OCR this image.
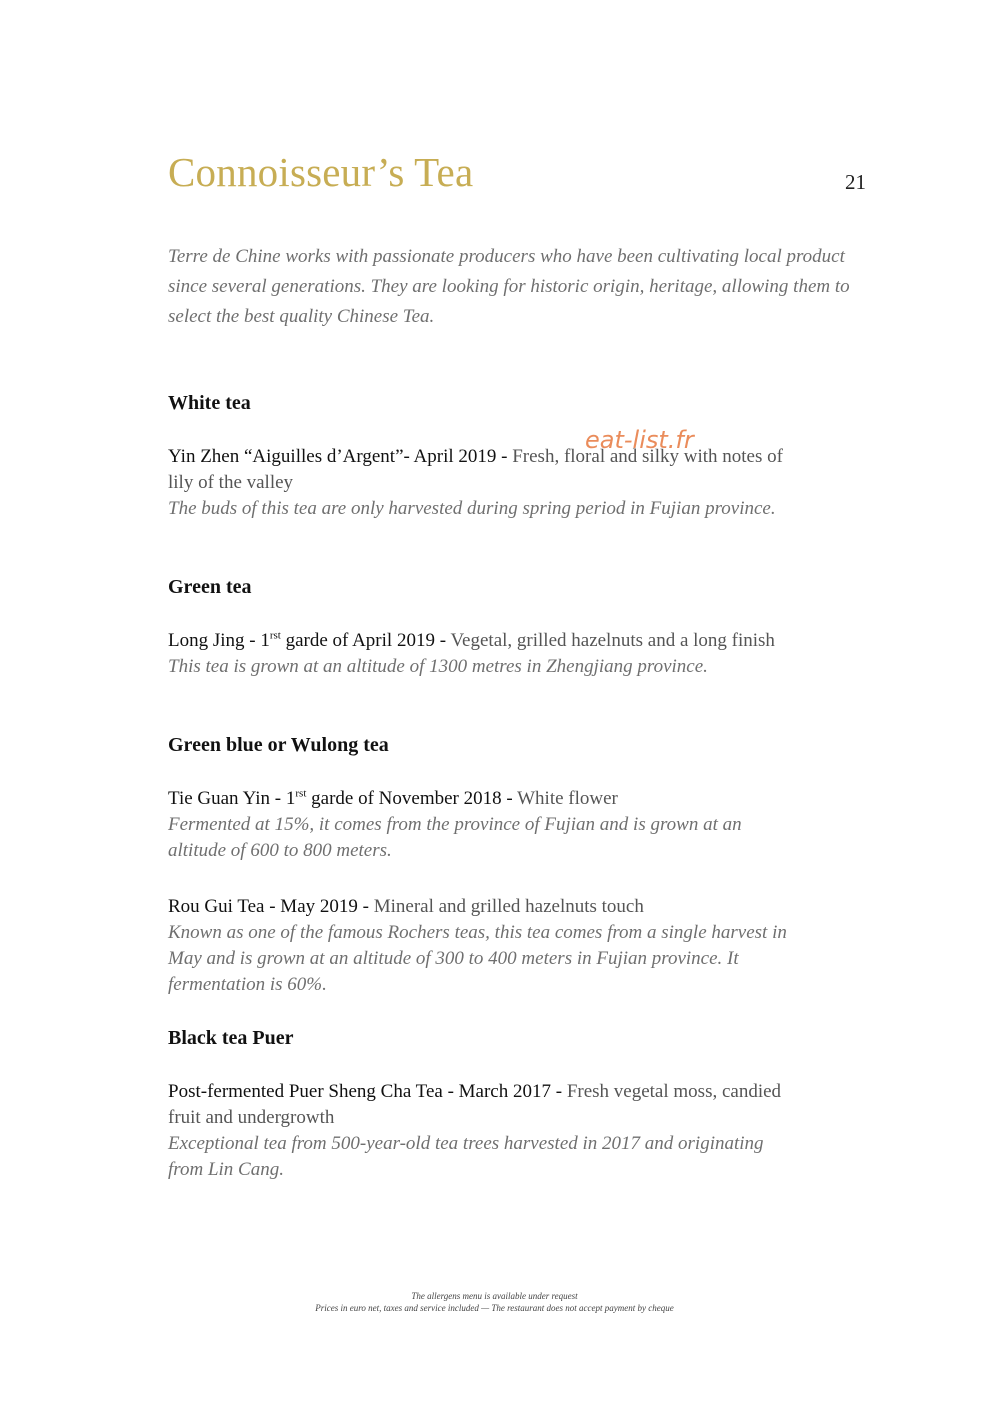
Connoisseur’s Tea	21

Terre de Chine works with passionate producers who have been cultivating local product since several generations. They are looking for historic origin, heritage, allowing them to select the best quality Chinese Tea.

White tea
Yin Zhen “Aiguilles d’Argent”- April 2019 - Fresh, floral and silky with notes of lily of the valley
The buds of this tea are only harvested during spring period in Fujian province.
eat-list.fr
Green tea
Long Jing - $1^{rst}$ garde of April 2019 - Vegetal, grilled hazelnuts and a long finish
This tea is grown at an altitude of 1300 metres in Zhengjiang province.
Green blue or Wulong tea
Tie Guan Yin - $1^{rst}$ garde of November 2018 - White flower
Fermented at 15%, it comes from the province of Fujian and is grown at an altitude of 600 to 800 meters.
Rou Gui Tea - May 2019 - Mineral and grilled hazelnuts touch
Known as one of the famous Rochers teas, this tea comes from a single harvest in May and is grown at an altitude of 300 to 400 meters in Fujian province. It fermentation is 60%.
Black tea Puer
Post-fermented Puer Sheng Cha Tea - March 2017 - Fresh vegetal moss, candied fruit and undergrowth
Exceptional tea from 500-year-old tea trees harvested in 2017 and originating from Lin Cang.
The allergens menu is available under request
Prices in euro net, taxes and service included — The restaurant does not accept payment by cheque
